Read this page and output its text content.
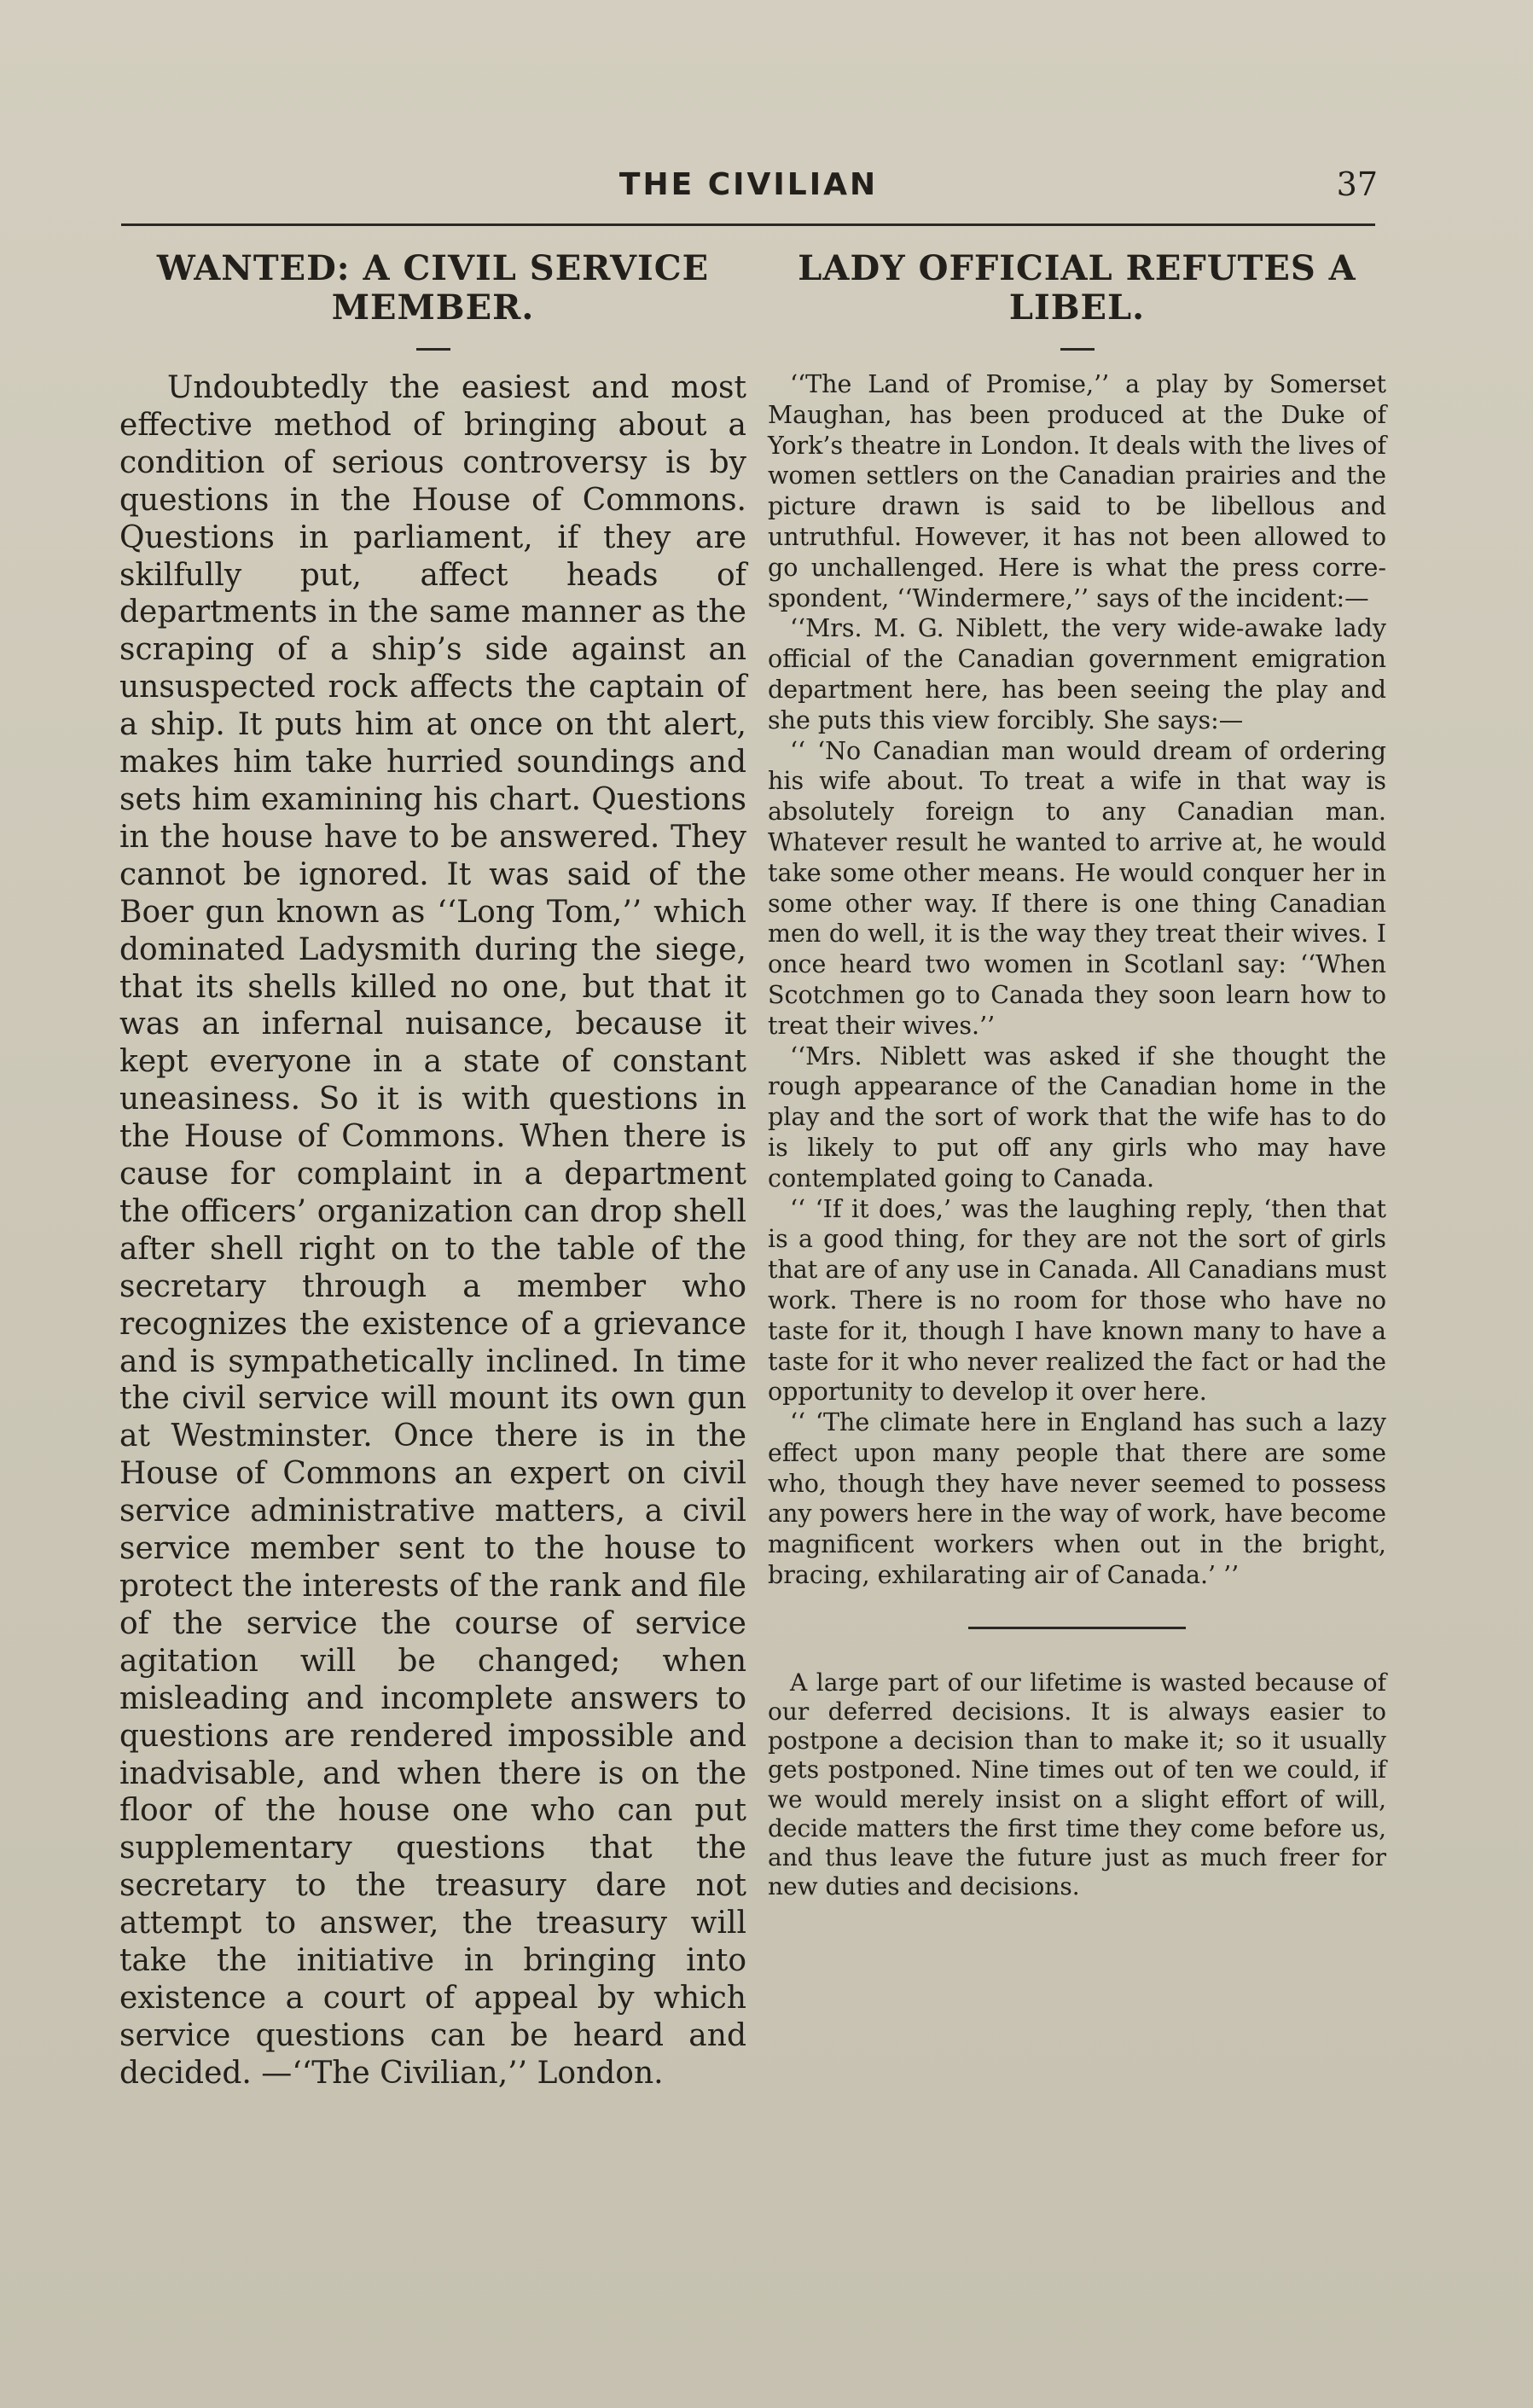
THE CIVILIAN	37
WANTED: A CIVIL SERVICE MEMBER.

Undoubtedly the easiest and most effective method of bringing about a condition of serious controversy is by questions in the House of Commons. Questions in parliament, if they are skilfully put, affect heads of departments in the same manner as the scraping of a ship’s side against an unsuspected rock affects the captain of a ship. It puts him at once on tht alert, makes him take hurried soundings and sets him examining his chart. Questions in the house have to be answered. They cannot be ignored. It was said of the Boer gun known as ‘‘Long Tom,’’ which dominated Ladysmith during the siege, that its shells killed no one, but that it was an infernal nuisance, because it kept everyone in a state of constant uneasiness. So it is with questions in the House of Commons. When there is cause for complaint in a department the officers’ organization can drop shell after shell right on to the table of the secretary through a member who recognizes the existence of a grievance and is sympathetically inclined. In time the civil service will mount its own gun at Westminster. Once there is in the House of Commons an expert on civil service administrative matters, a civil service member sent to the house to protect the interests of the rank and file of the service the course of service agitation will be changed; when misleading and incomplete answers to questions are rendered impossible and inadvisable, and when there is on the floor of the house one who can put supplementary questions that the secretary to the treasury dare not attempt to answer, the treasury will take the initiative in bringing into existence a court of appeal by which service questions can be heard and decided. —‘‘The Civilian,’’ London.

LADY OFFICIAL REFUTES A LIBEL.

‘‘The Land of Promise,’’ a play by Somerset Maughan, has been produced at the Duke of York’s theatre in London. It deals with the lives of women settlers on the Canadian prairies and the picture drawn is said to be libellous and untruthful. However, it has not been allowed to go unchallenged. Here is what the press correspondent, ‘‘Windermere,’’ says of the incident:—

‘‘Mrs. M. G. Niblett, the very wide-awake lady official of the Canadian government emigration department here, has been seeing the play and she puts this view forcibly. She says:—

‘‘ ‘No Canadian man would dream of ordering his wife about. To treat a wife in that way is absolutely foreign to any Canadian man. Whatever result he wanted to arrive at, he would take some other means. He would conquer her in some other way. If there is one thing Canadian men do well, it is the way they treat their wives. I once heard two women in Scotlanl say: ‘‘When Scotchmen go to Canada they soon learn how to treat their wives.’’

‘‘Mrs. Niblett was asked if she thought the rough appearance of the Canadian home in the play and the sort of work that the wife has to do is likely to put off any girls who may have contemplated going to Canada.

‘‘ ‘If it does,’ was the laughing reply, ‘then that is a good thing, for they are not the sort of girls that are of any use in Canada. All Canadians must work. There is no room for those who have no taste for it, though I have known many to have a taste for it who never realized the fact or had the opportunity to develop it over here.

‘‘ ‘The climate here in England has such a lazy effect upon many people that there are some who, though they have never seemed to possess any powers here in the way of work, have become magnificent workers when out in the bright, bracing, exhilarating air of Canada.’ ’’

A large part of our lifetime is wasted because of our deferred decisions. It is always easier to postpone a decision than to make it; so it usually gets postponed. Nine times out of ten we could, if we would merely insist on a slight effort of will, decide matters the first time they come before us, and thus leave the future just as much freer for new duties and decisions.
